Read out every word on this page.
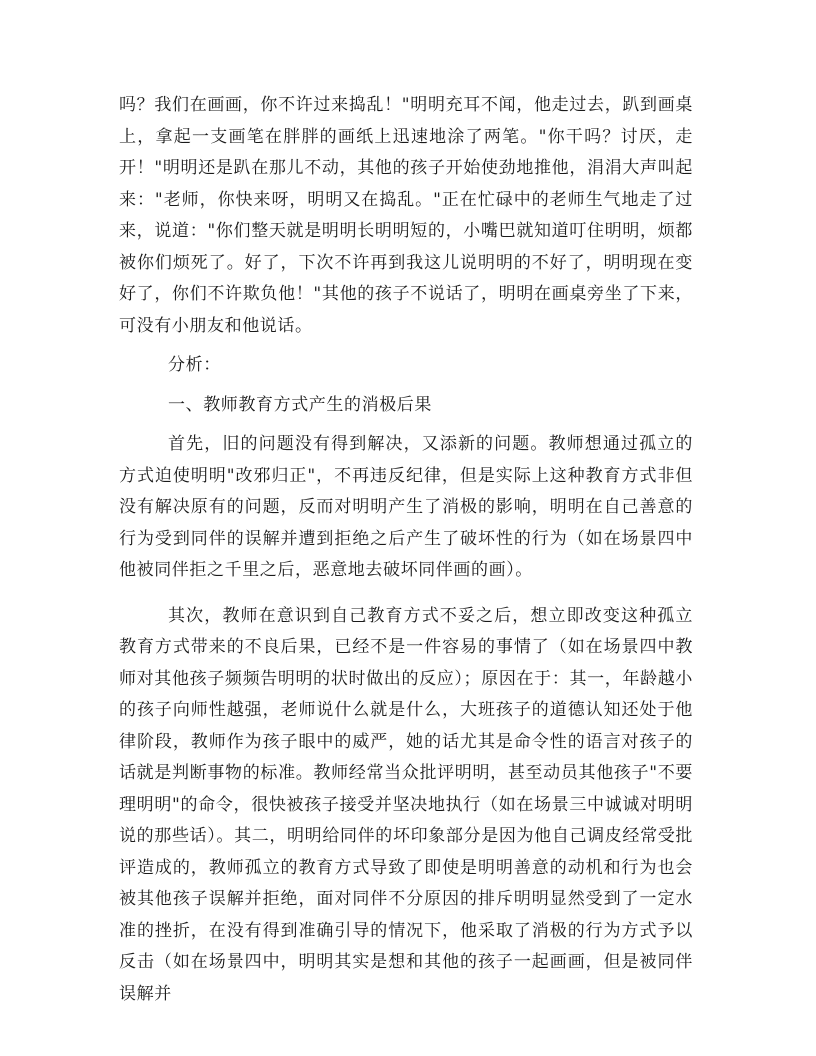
吗？我们在画画，你不许过来捣乱！"明明充耳不闻，他走过去，趴到画桌上，拿起一支画笔在胖胖的画纸上迅速地涂了两笔。"你干吗？讨厌，走开！"明明还是趴在那儿不动，其他的孩子开始使劲地推他，涓涓大声叫起来："老师，你快来呀，明明又在捣乱。"正在忙碌中的老师生气地走了过来，说道："你们整天就是明明长明明短的，小嘴巴就知道叮住明明，烦都被你们烦死了。好了，下次不许再到我这儿说明明的不好了，明明现在变好了，你们不许欺负他！"其他的孩子不说话了，明明在画桌旁坐了下来，可没有小朋友和他说话。

分析：

一、教师教育方式产生的消极后果

首先，旧的问题没有得到解决，又添新的问题。教师想通过孤立的方式迫使明明"改邪归正"，不再违反纪律，但是实际上这种教育方式非但没有解决原有的问题，反而对明明产生了消极的影响，明明在自己善意的行为受到同伴的误解并遭到拒绝之后产生了破坏性的行为（如在场景四中他被同伴拒之千里之后，恶意地去破坏同伴画的画）。

其次，教师在意识到自己教育方式不妥之后，想立即改变这种孤立教育方式带来的不良后果，已经不是一件容易的事情了（如在场景四中教师对其他孩子频频告明明的状时做出的反应）；原因在于：其一，年龄越小的孩子向师性越强，老师说什么就是什么，大班孩子的道德认知还处于他律阶段，教师作为孩子眼中的威严，她的话尤其是命令性的语言对孩子的话就是判断事物的标准。教师经常当众批评明明，甚至动员其他孩子"不要理明明"的命令，很快被孩子接受并坚决地执行（如在场景三中诚诚对明明说的那些话）。其二，明明给同伴的坏印象部分是因为他自己调皮经常受批评造成的，教师孤立的教育方式导致了即使是明明善意的动机和行为也会被其他孩子误解并拒绝，面对同伴不分原因的排斥明明显然受到了一定水准的挫折，在没有得到准确引导的情况下，他采取了消极的行为方式予以反击（如在场景四中，明明其实是想和其他的孩子一起画画，但是被同伴误解并
